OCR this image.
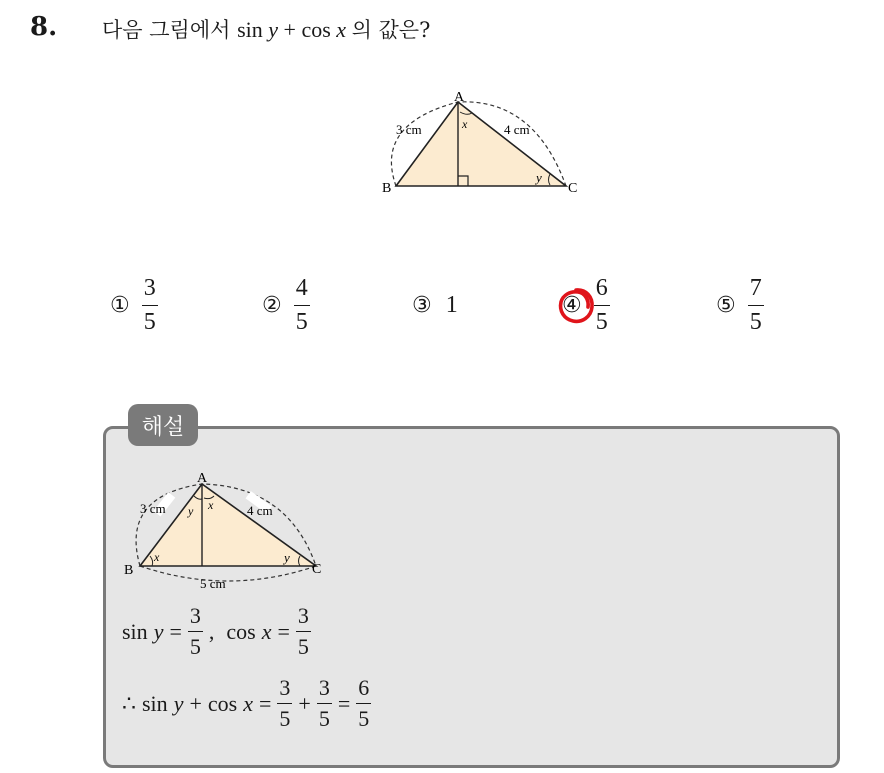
8. 다음 그림에서 sin y + cos x 의 값은?
A
B	C
3 cm	4 cm
x
y
① $\frac{3}{5}$	② $\frac{4}{5}$	③ 1	④ $\frac{6}{5}$	⑤ $\frac{7}{5}$
해설
A
B	C
3 cm	4 cm
5 cm
x
y
x	y
$\sin y = \frac{3}{5}$ , $\cos x = \frac{3}{5}$
∴ $\sin y + \cos x = \frac{3}{5} + \frac{3}{5} = \frac{6}{5}$
